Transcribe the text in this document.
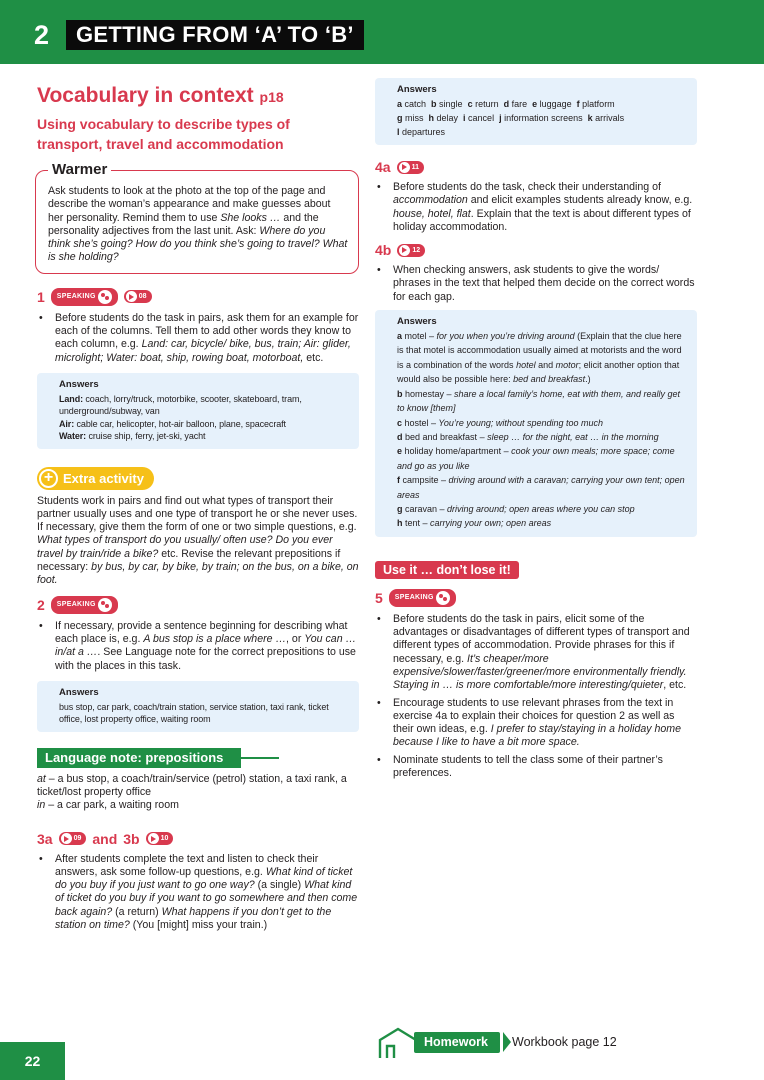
2	GETTING FROM ‘A’ TO ‘B’
Vocabulary in context p18
Using vocabulary to describe types of transport, travel and accommodation
Warmer

Ask students to look at the photo at the top of the page and describe the woman’s appearance and make guesses about her personality. Remind them to use She looks … and the personality adjectives from the last unit. Ask: Where do you think she’s going? How do you think she’s going to travel? What is she holding?

1 SPEAKING	08
• Before students do the task in pairs, ask them for an example for each of the columns. Tell them to add other words they know to each column, e.g. Land: car, bicycle/ bike, bus, train; Air: glider, microlight; Water: boat, ship, rowing boat, motorboat, etc.
Answers
Land: coach, lorry/truck, motorbike, scooter, skateboard, tram, underground/subway, van
Air: cable car, helicopter, hot-air balloon, plane, spacecraft
Water: cruise ship, ferry, jet-ski, yacht
+ Extra activity
Students work in pairs and find out what types of transport their partner usually uses and one type of transport he or she never uses. If necessary, give them the form of one or two simple questions, e.g. What types of transport do you usually/ often use? Do you ever travel by train/ride a bike? etc. Revise the relevant prepositions if necessary: by bus, by car, by bike, by train; on the bus, on a bike, on foot.
2 SPEAKING
• If necessary, provide a sentence beginning for describing what each place is, e.g. A bus stop is a place where …, or You can … in/at a …. See Language note for the correct prepositions to use with the places in this task.
Answers
bus stop, car park, coach/train station, service station, taxi rank, ticket office, lost property office, waiting room
Language note: prepositions
at – a bus stop, a coach/train/service (petrol) station, a taxi rank, a ticket/lost property office
in – a car park, a waiting room
3a	09 and 3b	10
• After students complete the text and listen to check their answers, ask some follow-up questions, e.g. What kind of ticket do you buy if you just want to go one way? (a single) What kind of ticket do you buy if you want to go somewhere and then come back again? (a return) What happens if you don’t get to the station on time? (You [might] miss your train.)
Answers
a catch  b single  c return  d fare  e luggage  f platform
g miss  h delay  i cancel  j information screens  k arrivals
l departures
4a	11
• Before students do the task, check their understanding of accommodation and elicit examples students already know, e.g. house, hotel, flat. Explain that the text is about different types of holiday accommodation.
4b	12
• When checking answers, ask students to give the words/ phrases in the text that helped them decide on the correct words for each gap.
Answers
a motel – for you when you’re driving around (Explain that the clue here is that motel is accommodation usually aimed at motorists and the word is a combination of the words hotel and motor; elicit another option that would also be possible here: bed and breakfast.)
b homestay – share a local family’s home, eat with them, and really get to know [them]
c hostel – You’re young; without spending too much
d bed and breakfast – sleep … for the night, eat … in the morning
e holiday home/apartment – cook your own meals; more space; come and go as you like
f campsite – driving around with a caravan; carrying your own tent; open areas
g caravan – driving around; open areas where you can stop
h tent – carrying your own; open areas
Use it … don’t lose it!
5 SPEAKING
• Before students do the task in pairs, elicit some of the advantages or disadvantages of different types of transport and different types of accommodation. Provide phrases for this if necessary, e.g. It’s cheaper/more expensive/slower/faster/greener/more environmentally friendly. Staying in … is more comfortable/more interesting/quieter, etc.
• Encourage students to use relevant phrases from the text in exercise 4a to explain their choices for question 2 as well as their own ideas, e.g. I prefer to stay/staying in a holiday home because I like to have a bit more space.
• Nominate students to tell the class some of their partner’s preferences.
22
Homework	Workbook page 12
